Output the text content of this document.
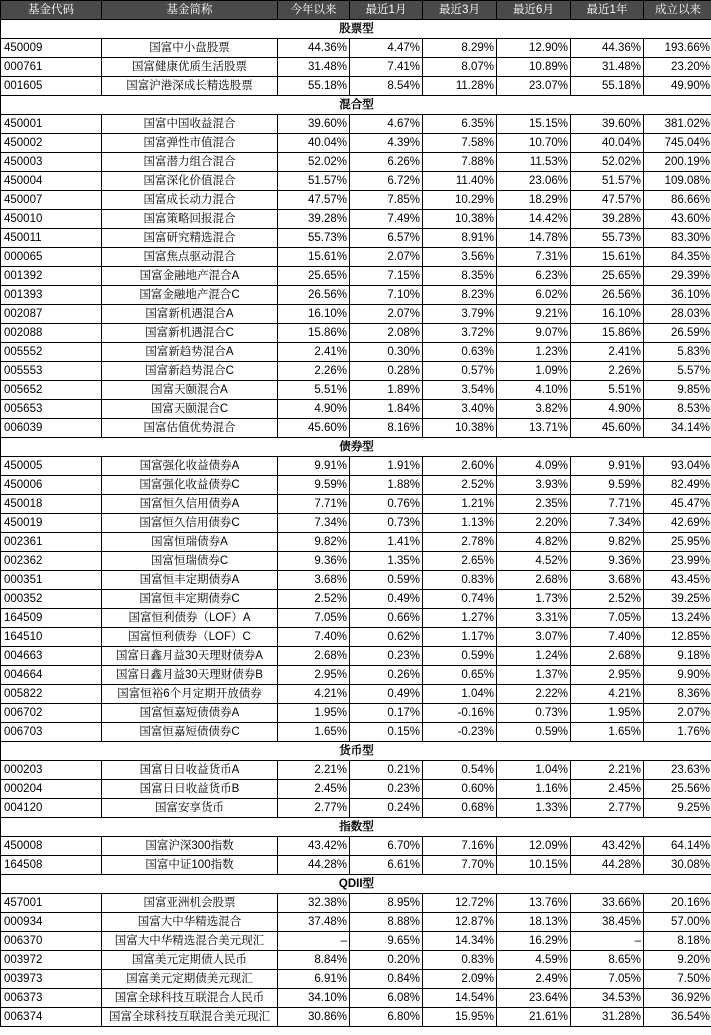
基金代码	基金简称	今年以来	最近1月	最近3月	最近6月	最近1年	成立以来
股票型							
450009	国富中小盘股票	44.36%	4.47%	8.29%	12.90%	44.36%	193.66%
000761	国富健康优质生活股票	31.48%	7.41%	8.07%	10.89%	31.48%	23.20%
001605	国富沪港深成长精选股票	55.18%	8.54%	11.28%	23.07%	55.18%	49.90%
混合型							
450001	国富中国收益混合	39.60%	4.67%	6.35%	15.15%	39.60%	381.02%
450002	国富弹性市值混合	40.04%	4.39%	7.58%	10.70%	40.04%	745.04%
450003	国富潜力组合混合	52.02%	6.26%	7.88%	11.53%	52.02%	200.19%
450004	国富深化价值混合	51.57%	6.72%	11.40%	23.06%	51.57%	109.08%
450007	国富成长动力混合	47.57%	7.85%	10.29%	18.29%	47.57%	86.66%
450010	国富策略回报混合	39.28%	7.49%	10.38%	14.42%	39.28%	43.60%
450011	国富研究精选混合	55.73%	6.57%	8.91%	14.78%	55.73%	83.30%
000065	国富焦点驱动混合	15.61%	2.07%	3.56%	7.31%	15.61%	84.35%
001392	国富金融地产混合A	25.65%	7.15%	8.35%	6.23%	25.65%	29.39%
001393	国富金融地产混合C	26.56%	7.10%	8.23%	6.02%	26.56%	36.10%
002087	国富新机遇混合A	16.10%	2.07%	3.79%	9.21%	16.10%	28.03%
002088	国富新机遇混合C	15.86%	2.08%	3.72%	9.07%	15.86%	26.59%
005552	国富新趋势混合A	2.41%	0.30%	0.63%	1.23%	2.41%	5.83%
005553	国富新趋势混合C	2.26%	0.28%	0.57%	1.09%	2.26%	5.57%
005652	国富天颐混合A	5.51%	1.89%	3.54%	4.10%	5.51%	9.85%
005653	国富天颐混合C	4.90%	1.84%	3.40%	3.82%	4.90%	8.53%
006039	国富估值优势混合	45.60%	8.16%	10.38%	13.71%	45.60%	34.14%
债券型							
450005	国富强化收益债券A	9.91%	1.91%	2.60%	4.09%	9.91%	93.04%
450006	国富强化收益债券C	9.59%	1.88%	2.52%	3.93%	9.59%	82.49%
450018	国富恒久信用债券A	7.71%	0.76%	1.21%	2.35%	7.71%	45.47%
450019	国富恒久信用债券C	7.34%	0.73%	1.13%	2.20%	7.34%	42.69%
002361	国富恒瑞债券A	9.82%	1.41%	2.78%	4.82%	9.82%	25.95%
002362	国富恒瑞债券C	9.36%	1.35%	2.65%	4.52%	9.36%	23.99%
000351	国富恒丰定期债券A	3.68%	0.59%	0.83%	2.68%	3.68%	43.45%
000352	国富恒丰定期债券C	2.52%	0.49%	0.74%	1.73%	2.52%	39.25%
164509	国富恒利债券（LOF）A	7.05%	0.66%	1.27%	3.31%	7.05%	13.24%
164510	国富恒利债券（LOF）C	7.40%	0.62%	1.17%	3.07%	7.40%	12.85%
004663	国富日鑫月益30天理财债券A	2.68%	0.23%	0.59%	1.24%	2.68%	9.18%
004664	国富日鑫月益30天理财债券B	2.95%	0.26%	0.65%	1.37%	2.95%	9.90%
005822	国富恒裕6个月定期开放债券	4.21%	0.49%	1.04%	2.22%	4.21%	8.36%
006702	国富恒嘉短债债券A	1.95%	0.17%	-0.16%	0.73%	1.95%	2.07%
006703	国富恒嘉短债债券C	1.65%	0.15%	-0.23%	0.59%	1.65%	1.76%
货币型							
000203	国富日日收益货币A	2.21%	0.21%	0.54%	1.04%	2.21%	23.63%
000204	国富日日收益货币B	2.45%	0.23%	0.60%	1.16%	2.45%	25.56%
004120	国富安享货币	2.77%	0.24%	0.68%	1.33%	2.77%	9.25%
指数型							
450008	国富沪深300指数	43.42%	6.70%	7.16%	12.09%	43.42%	64.14%
164508	国富中证100指数	44.28%	6.61%	7.70%	10.15%	44.28%	30.08%
QDII型							
457001	国富亚洲机会股票	32.38%	8.95%	12.72%	13.76%	33.66%	20.16%
000934	国富大中华精选混合	37.48%	8.88%	12.87%	18.13%	38.45%	57.00%
006370	国富大中华精选混合美元现汇	–	9.65%	14.34%	16.29%	–	8.18%
003972	国富美元定期债人民币	8.84%	0.20%	0.83%	4.59%	8.65%	9.20%
003973	国富美元定期债美元现汇	6.91%	0.84%	2.09%	2.49%	7.05%	7.50%
006373	国富全球科技互联混合人民币	34.10%	6.08%	14.54%	23.64%	34.53%	36.92%
006374	国富全球科技互联混合美元现汇	30.86%	6.80%	15.95%	21.61%	31.28%	36.54%
